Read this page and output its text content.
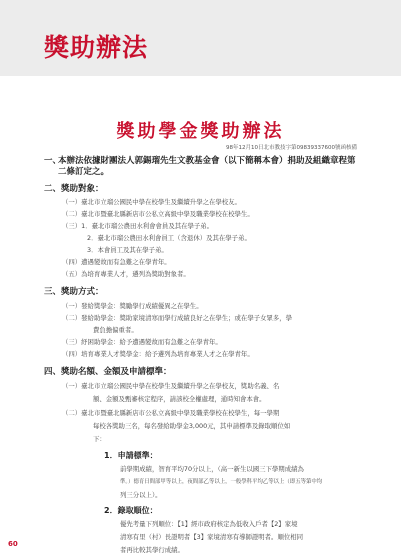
獎助辦法
獎助學金獎助辦法
98年12月10日北市教技字第09839337600號函核備
一、
本辦法依據財團法人郭錫瑠先生文教基金會（以下簡稱本會）捐助及組織章程第二條訂定之。
二、獎助對象：
（一）臺北市立瑠公國民中學在校學生及繼續升學之在學校友。
（二）臺北市暨臺北縣新店市公私立高級中學及職業學校在校學生。
（三）1．臺北市瑠公農田水利會會員及其在學子弟。
2．臺北市瑠公農田水利會員工（含退休）及其在學子弟。
3．本會員工及其在學子弟。
（四）遭遇變故而有急難之在學青年。
（五）為培育專業人才，遴列為獎助對象者。
三、獎助方式：
（一）發給獎學金：獎勵學行成績優異之在學生。
（二）發給助學金：獎助家境清寒而學行成績良好之在學生；或在學子女眾多，學
費負擔偏重者。
（三）紓困助學金：給予遭遇變故而有急難之在學青年。
（四）培育專業人才獎學金：給予遴列為培育專業人才之在學青年。
四、獎助名額、金額及申請標準：
（一）臺北市立瑠公國民中學在校學生及繼續升學之在學校友，獎助名義、名
額、金額及甄審核定程序，請該校全權處理，通時知會本會。
（二）臺北市暨臺北縣新店市公私立高級中學及職業學校在校學生，每一學期
每校各獎助三名，每名發給助學金3,000元，其申請標準及錄取順位如
下：
1．申請標準：
前學期成績，智育平均70分以上，（高一新生以國三下學期成績為
準。）德育日間部甲等以上，夜間部乙等以上，一般學科平均乙等以上（即五等第中均
列三分以上）。
2．錄取順位：
優先考量下列順位：【1】經市政府核定為低收入戶者【2】家境
清寒有里（村）長證明者【3】家境清寒有導師證明者。順位相同
者再比較其學行成績。
60
